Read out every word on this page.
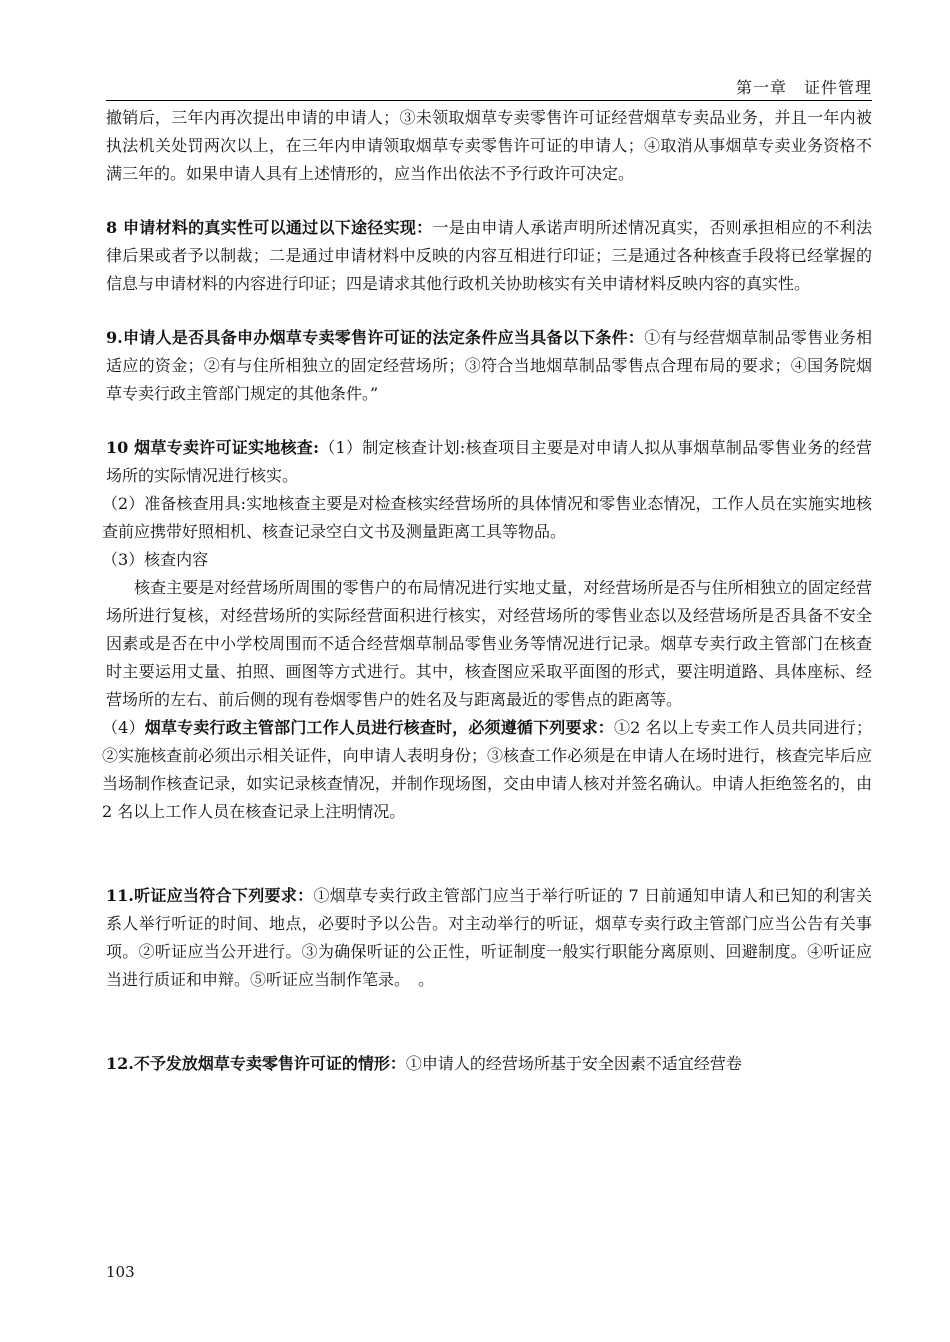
第一章　证件管理

撤销后，三年内再次提出申请的申请人；③未领取烟草专卖零售许可证经营烟草专卖品业务，并且一年内被执法机关处罚两次以上，在三年内申请领取烟草专卖零售许可证的申请人；④取消从事烟草专卖业务资格不满三年的。如果申请人具有上述情形的，应当作出依法不予行政许可决定。

8 申请材料的真实性可以通过以下途径实现：一是由申请人承诺声明所述情况真实，否则承担相应的不利法律后果或者予以制裁；二是通过申请材料中反映的内容互相进行印证；三是通过各种核查手段将已经掌握的信息与申请材料的内容进行印证；四是请求其他行政机关协助核实有关申请材料反映内容的真实性。

9.申请人是否具备申办烟草专卖零售许可证的法定条件应当具备以下条件：①有与经营烟草制品零售业务相适应的资金；②有与住所相独立的固定经营场所；③符合当地烟草制品零售点合理布局的要求；④国务院烟草专卖行政主管部门规定的其他条件。”

10 烟草专卖许可证实地核查:（1）制定核查计划:核查项目主要是对申请人拟从事烟草制品零售业务的经营场所的实际情况进行核实。

（2）准备核查用具:实地核查主要是对检查核实经营场所的具体情况和零售业态情况，工作人员在实施实地核查前应携带好照相机、核查记录空白文书及测量距离工具等物品。

（3）核查内容

核查主要是对经营场所周围的零售户的布局情况进行实地丈量，对经营场所是否与住所相独立的固定经营场所进行复核，对经营场所的实际经营面积进行核实，对经营场所的零售业态以及经营场所是否具备不安全因素或是否在中小学校周围而不适合经营烟草制品零售业务等情况进行记录。烟草专卖行政主管部门在核查时主要运用丈量、拍照、画图等方式进行。其中，核查图应采取平面图的形式，要注明道路、具体座标、经营场所的左右、前后侧的现有卷烟零售户的姓名及与距离最近的零售点的距离等。

（4）烟草专卖行政主管部门工作人员进行核查时，必须遵循下列要求：①2 名以上专卖工作人员共同进行；②实施核查前必须出示相关证件，向申请人表明身份；③核查工作必须是在申请人在场时进行，核查完毕后应当场制作核查记录，如实记录核查情况，并制作现场图，交由申请人核对并签名确认。申请人拒绝签名的，由 2 名以上工作人员在核查记录上注明情况。

11.听证应当符合下列要求：①烟草专卖行政主管部门应当于举行听证的 7 日前通知申请人和已知的利害关系人举行听证的时间、地点，必要时予以公告。对主动举行的听证，烟草专卖行政主管部门应当公告有关事项。②听证应当公开进行。③为确保听证的公正性，听证制度一般实行职能分离原则、回避制度。④听证应当进行质证和申辩。⑤听证应当制作笔录。　。

12.不予发放烟草专卖零售许可证的情形：①申请人的经营场所基于安全因素不适宜经营卷

103
